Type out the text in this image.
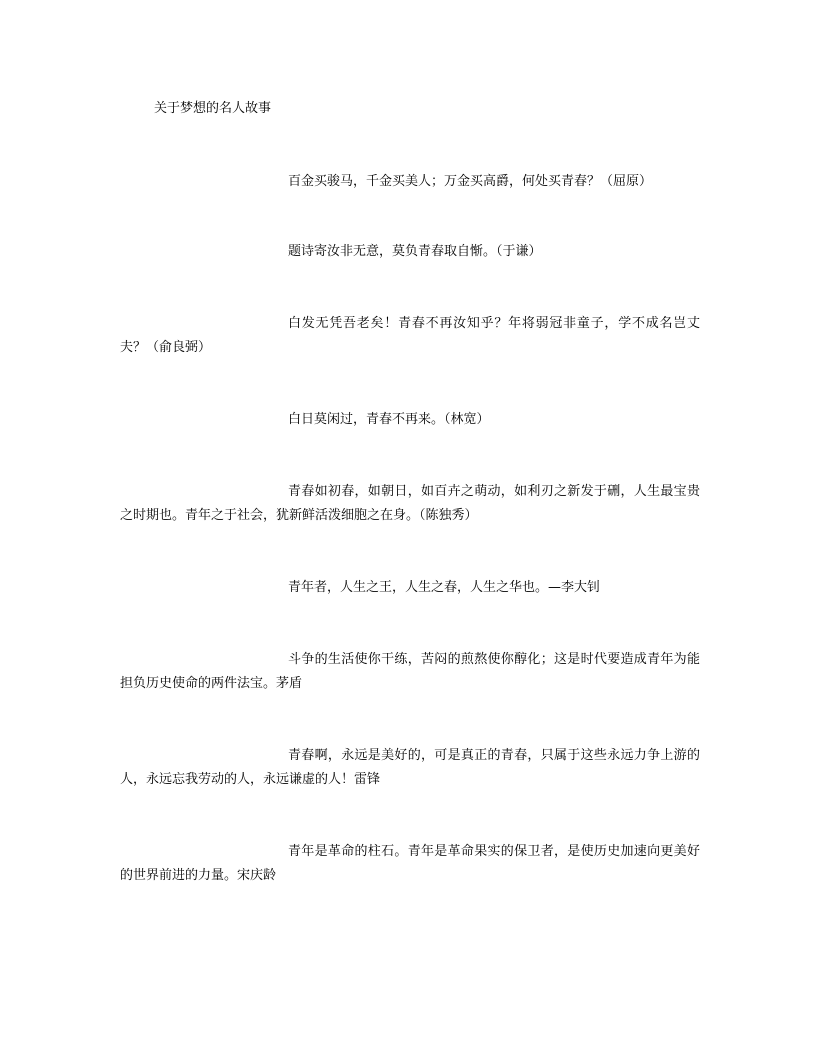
关于梦想的名人故事

百金买骏马，千金买美人；万金买高爵，何处买青春？（屈原）

题诗寄汝非无意，莫负青春取自惭。（于谦）

白发无凭吾老矣！青春不再汝知乎？年将弱冠非童子，学不成名岂丈夫？（俞良弼）

白日莫闲过，青春不再来。（林宽）

青春如初春，如朝日，如百卉之萌动，如利刃之新发于硎，人生最宝贵之时期也。青年之于社会，犹新鲜活泼细胞之在身。（陈独秀）

青年者，人生之王，人生之春，人生之华也。—李大钊

斗争的生活使你干练，苦闷的煎熬使你醇化；这是时代要造成青年为能担负历史使命的两件法宝。茅盾

青春啊，永远是美好的，可是真正的青春，只属于这些永远力争上游的人，永远忘我劳动的人，永远谦虚的人！雷锋

青年是革命的柱石。青年是革命果实的保卫者，是使历史加速向更美好的世界前进的力量。宋庆龄
